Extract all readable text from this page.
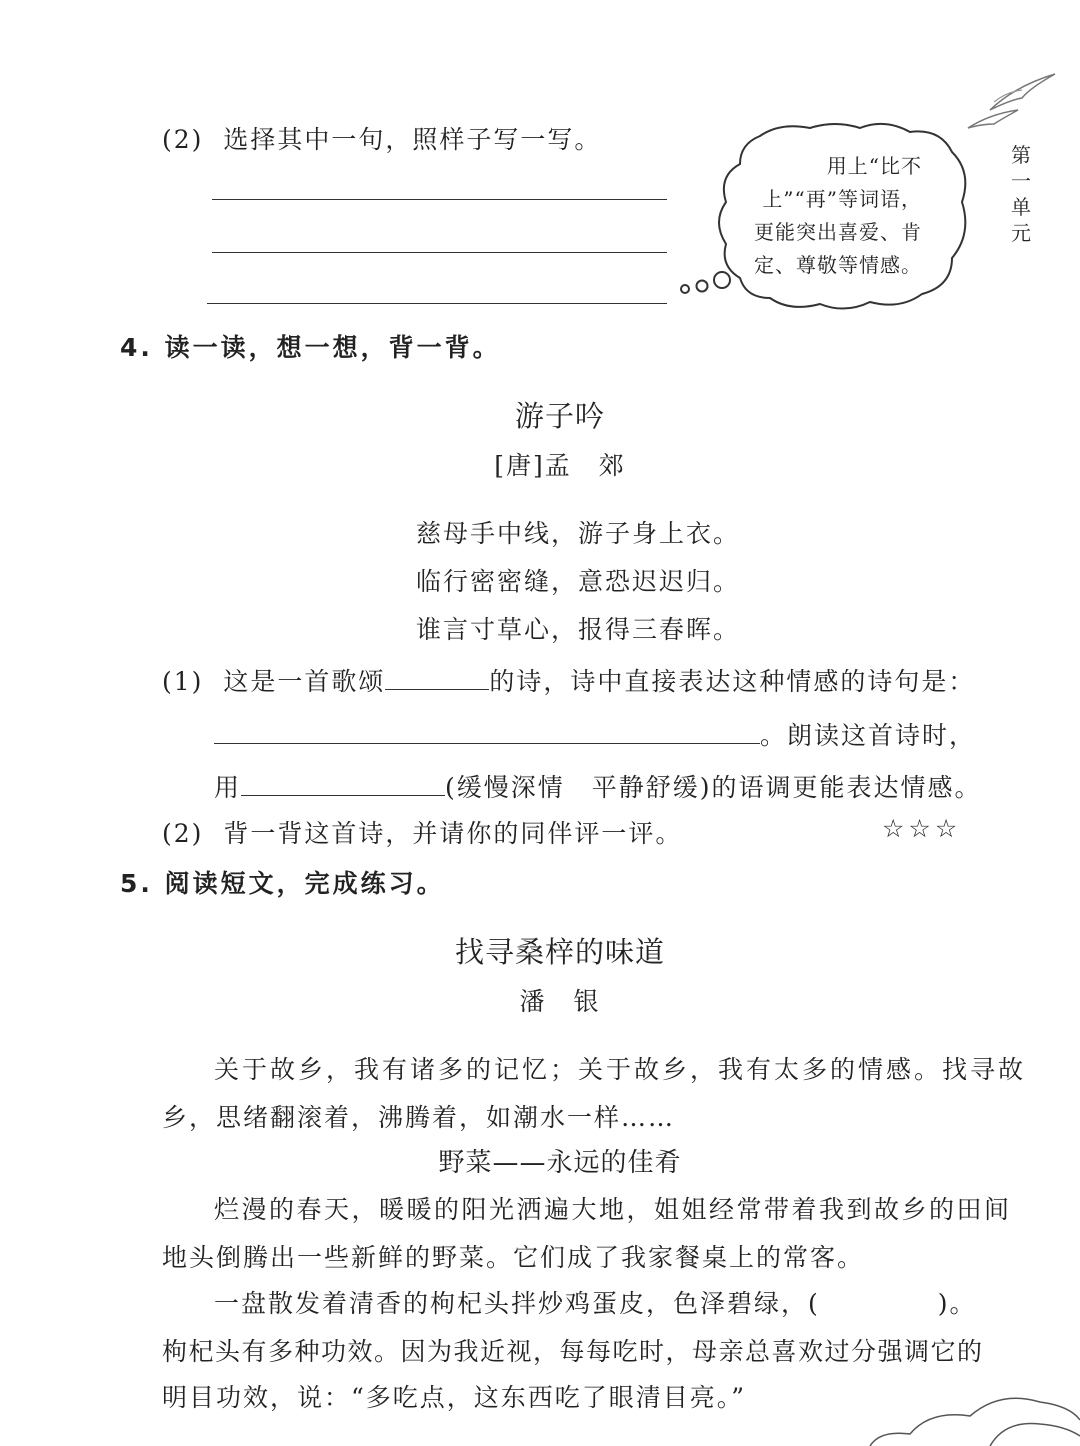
第
一
单
元
(2) 选择其中一句，照样子写一写。
用上“比不
上”“再”等词语，
更能突出喜爱、肯
定、尊敬等情感。
4. 读一读，想一想，背一背。
游子吟
[唐]孟　郊
慈母手中线，游子身上衣。
临行密密缝，意恐迟迟归。
谁言寸草心，报得三春晖。
(1) 这是一首歌颂	的诗，诗中直接表达这种情感的诗句是：
。朗读这首诗时，
用	(缓慢深情　平静舒缓)的语调更能表达情感。
(2) 背一背这首诗，并请你的同伴评一评。	☆☆☆
5. 阅读短文，完成练习。
找寻桑梓的味道
潘　银
关于故乡，我有诸多的记忆；关于故乡，我有太多的情感。找寻故
乡，思绪翻滚着，沸腾着，如潮水一样……
野菜——永远的佳肴
烂漫的春天，暖暖的阳光洒遍大地，姐姐经常带着我到故乡的田间
地头倒腾出一些新鲜的野菜。它们成了我家餐桌上的常客。
一盘散发着清香的枸杞头拌炒鸡蛋皮，色泽碧绿，(	)。
枸杞头有多种功效。因为我近视，每每吃时，母亲总喜欢过分强调它的
明目功效，说：“多吃点，这东西吃了眼清目亮。”
